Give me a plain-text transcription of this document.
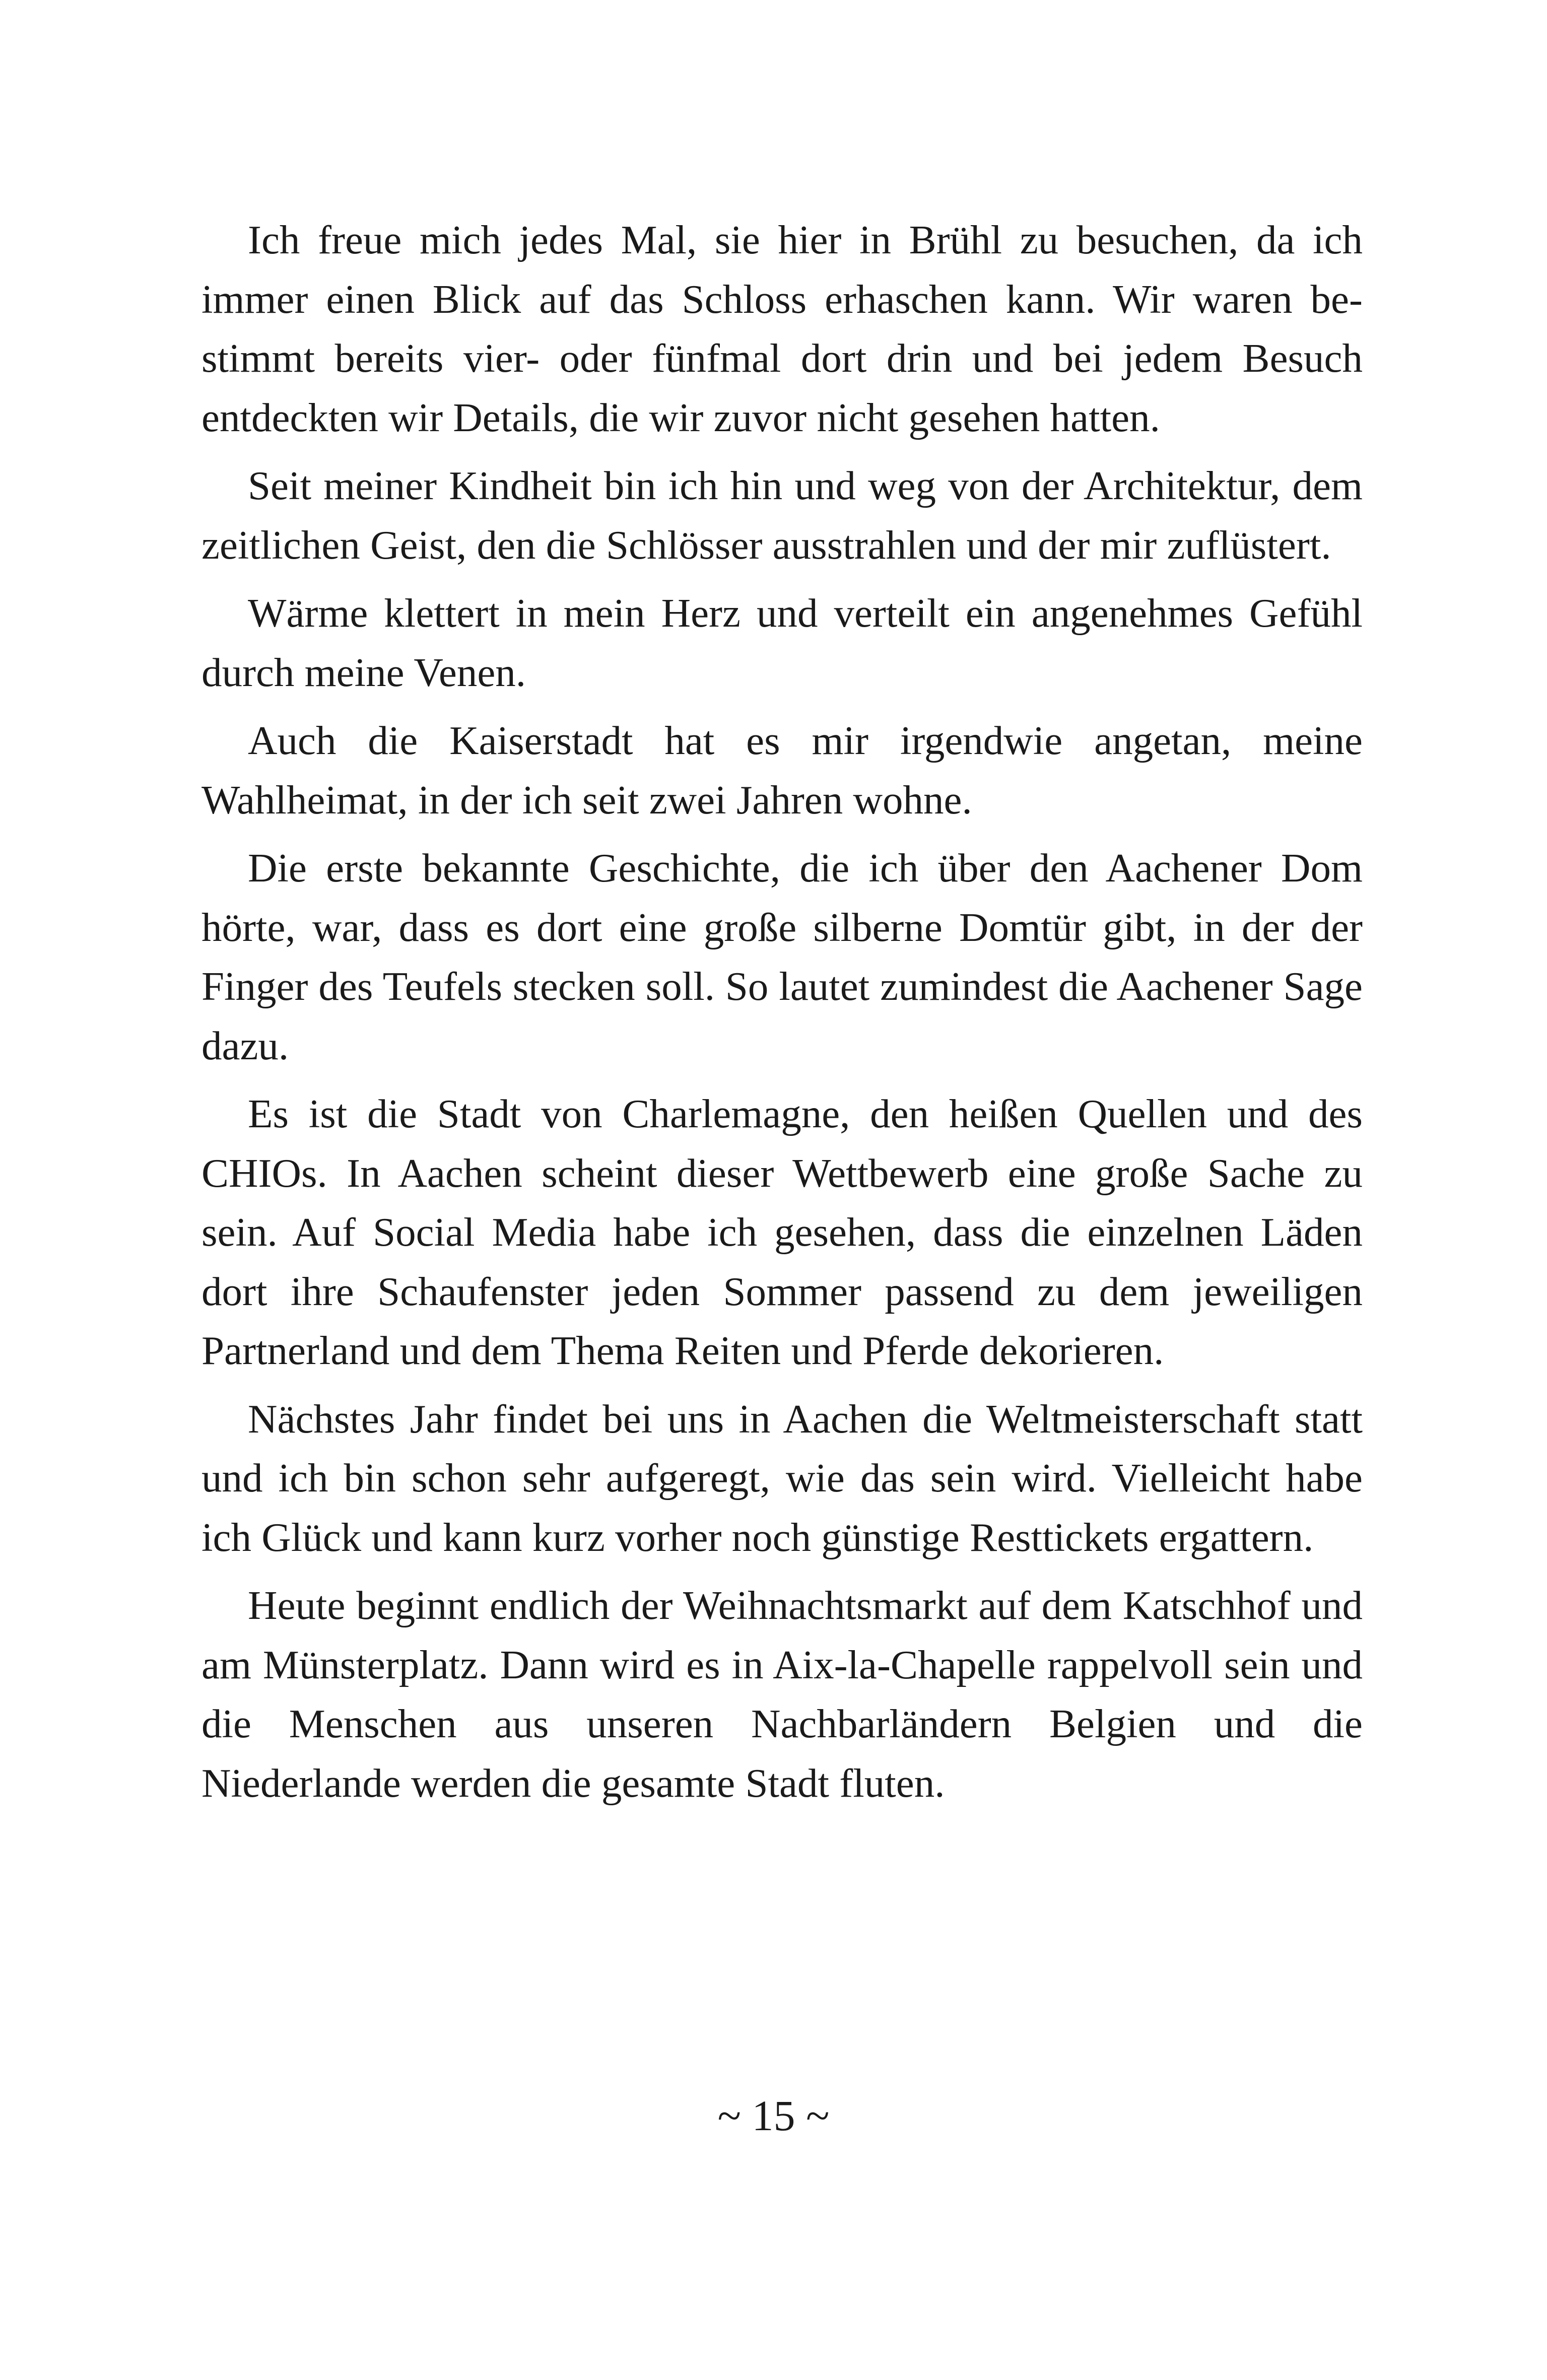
Ich freue mich jedes Mal, sie hier in Brühl zu besuchen, da ich immer einen Blick auf das Schloss erhaschen kann. Wir waren bestimmt bereits vier- oder fünfmal dort drin und bei jedem Besuch entdeckten wir Details, die wir zuvor nicht gesehen hatten.

Seit meiner Kindheit bin ich hin und weg von der Architektur, dem zeitlichen Geist, den die Schlösser ausstrahlen und der mir zuflüstert.

Wärme klettert in mein Herz und verteilt ein angenehmes Gefühl durch meine Venen.

Auch die Kaiserstadt hat es mir irgendwie angetan, meine Wahlheimat, in der ich seit zwei Jahren wohne.

Die erste bekannte Geschichte, die ich über den Aachener Dom hörte, war, dass es dort eine große silberne Domtür gibt, in der der Finger des Teufels stecken soll. So lautet zumindest die Aachener Sage dazu.

Es ist die Stadt von Charlemagne, den heißen Quellen und des CHIOs. In Aachen scheint dieser Wettbewerb eine große Sache zu sein. Auf Social Media habe ich gesehen, dass die einzelnen Läden dort ihre Schaufenster jeden Sommer passend zu dem jeweiligen Partnerland und dem Thema Reiten und Pferde dekorieren.

Nächstes Jahr findet bei uns in Aachen die Weltmeisterschaft statt und ich bin schon sehr aufgeregt, wie das sein wird. Vielleicht habe ich Glück und kann kurz vorher noch günstige Resttickets ergattern.

Heute beginnt endlich der Weihnachtsmarkt auf dem Katschhof und am Münsterplatz. Dann wird es in Aix-la-Chapelle rappelvoll sein und die Menschen aus unseren Nachbarländern Belgien und die Niederlande werden die gesamte Stadt fluten.

~ 15 ~
